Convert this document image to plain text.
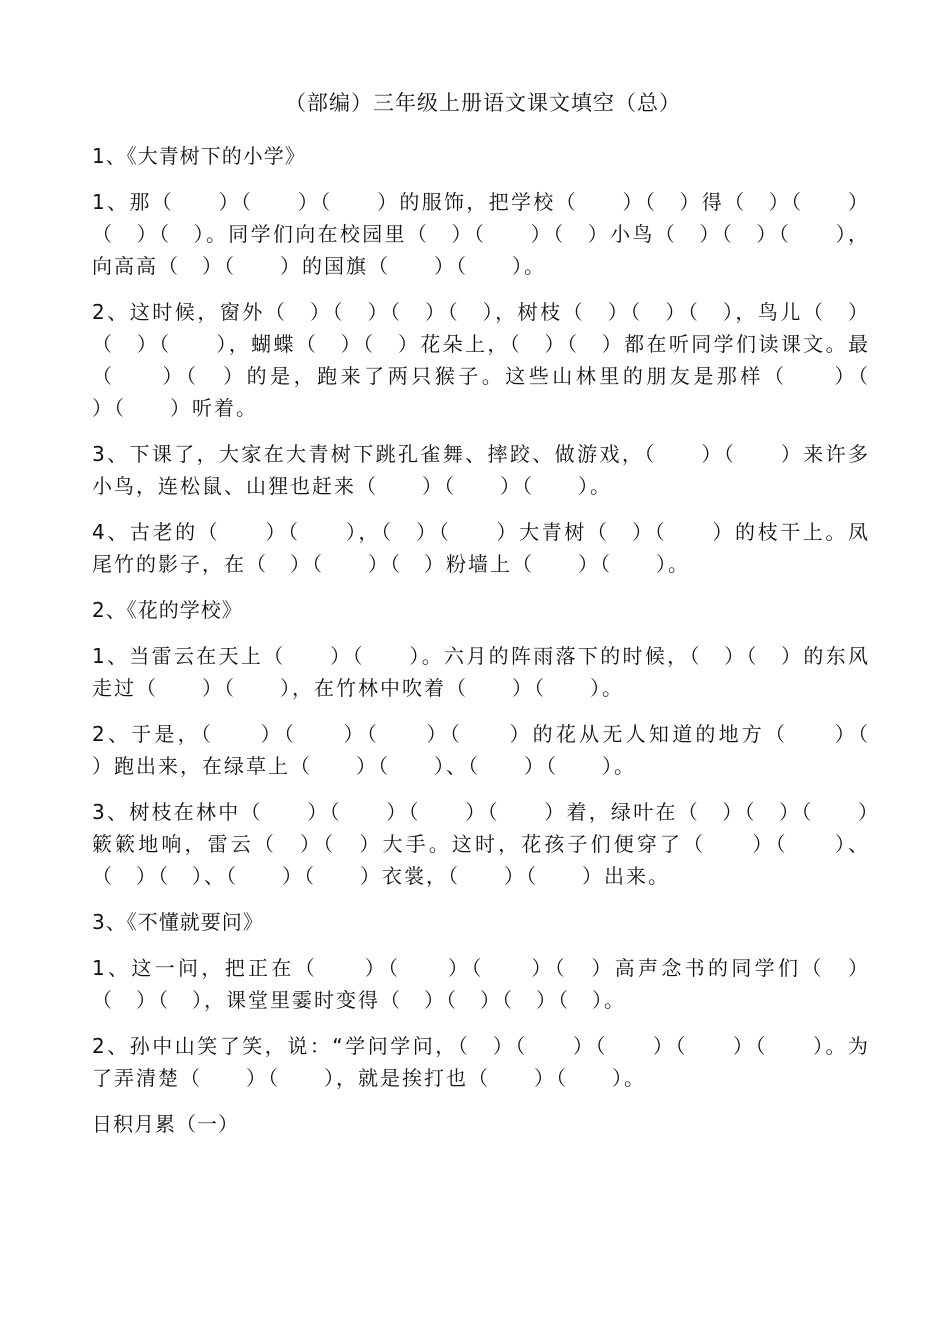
（部编）三年级上册语文课文填空（总）
1、《大青树下的小学》

1、那（　　）（　　）（　　）的服饰，把学校（　　）（　）得（　）（　　）（　）（　）。同学们向在校园里（　）（　　）（　）小鸟（　）（　）（　　），向高高（　）（　　）的国旗（　　）（　　）。

2、这时候，窗外（　）（　）（　）（　），树枝（　）（　）（　），鸟儿（　）（　）（　　），蝴蝶（　）（　）花朵上，（　）（　）都在听同学们读课文。最（　　）（　）的是，跑来了两只猴子。这些山林里的朋友是那样（　　）（　　）（　　）听着。

3、下课了，大家在大青树下跳孔雀舞、摔跤、做游戏，（　　）（　　）来许多小鸟，连松鼠、山狸也赶来（　　）（　　）（　　）。

4、古老的（　　）（　　），（　）（　　）大青树（　）（　　）的枝干上。凤尾竹的影子，在（　）（　　）（　）粉墙上（　　）（　　）。

2、《花的学校》

1、当雷云在天上（　　）（　　）。六月的阵雨落下的时候，（　）（　）的东风走过（　　）（　　），在竹林中吹着（　　）（　　）。

2、于是，（　　）（　　）（　　）（　　）的花从无人知道的地方（　　）（　　）跑出来，在绿草上（　　）（　　）、（　　）（　　）。

3、树枝在林中（　　）（　　）（　　）（　　）着，绿叶在（　）（　）（　　）簌簌地响，雷云（　）（　）大手。这时，花孩子们便穿了（　　）（　　）、（　）（　）、（　　）（　　）衣裳，（　　）（　　）出来。

3、《不懂就要问》

1、这一问，把正在（　　）（　　）（　　）（　）高声念书的同学们（　）（　）（　），课堂里霎时变得（　）（　）（　）（　）。

2、孙中山笑了笑，说：“学问学问，（　）（　　）（　　）（　　）（　　）。为了弄清楚（　　）（　　），就是挨打也（　　）（　　）。

日积月累（一）
